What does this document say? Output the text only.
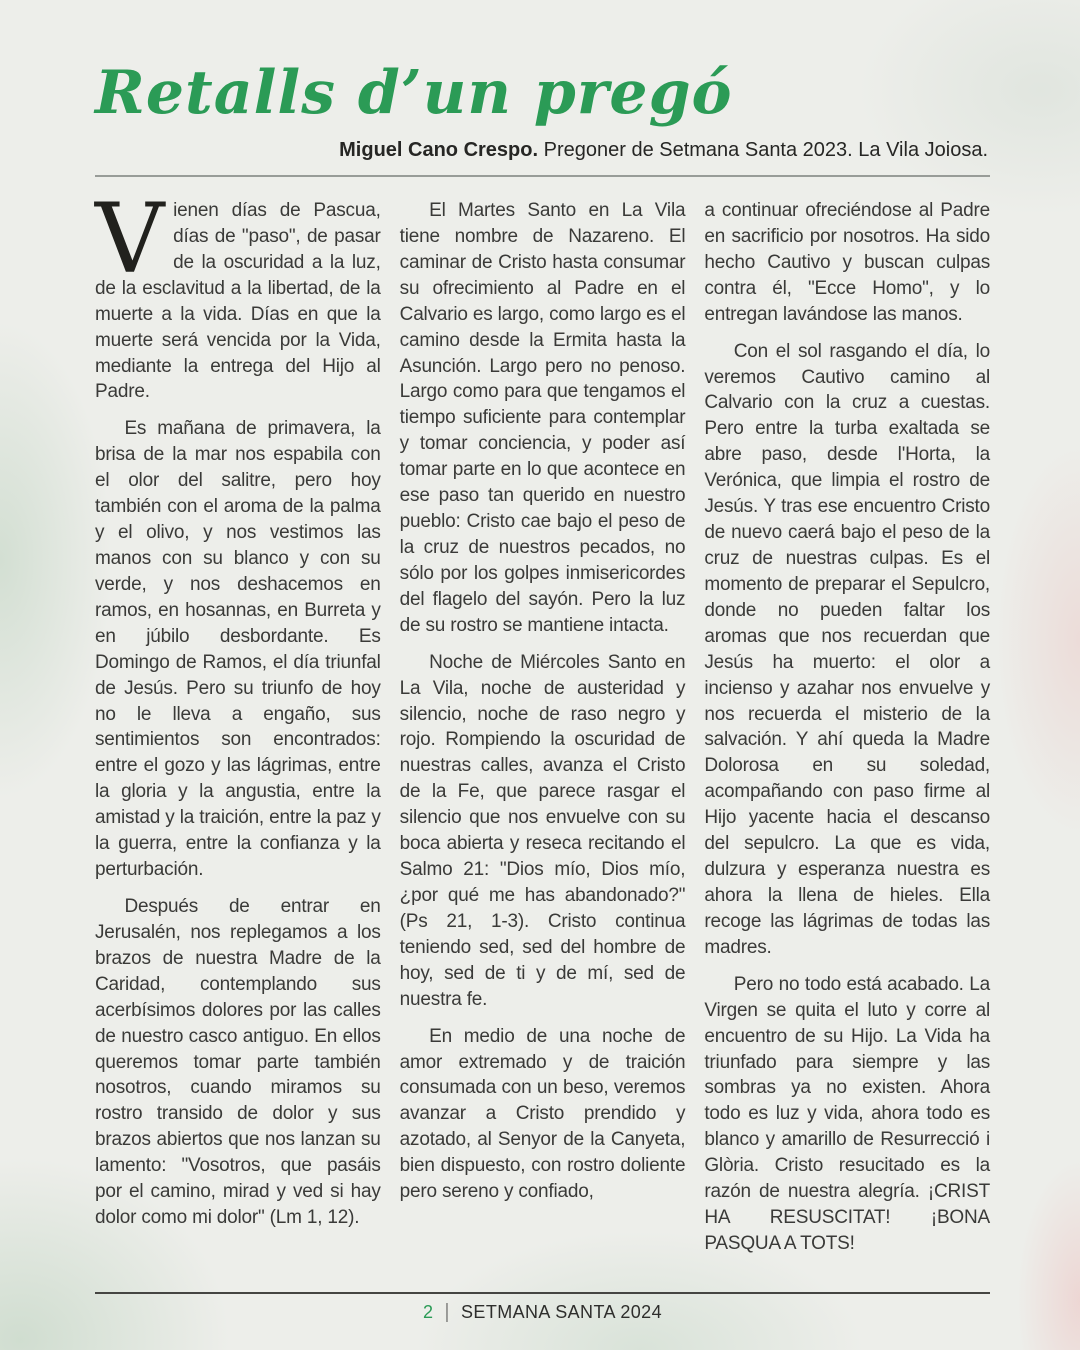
Retalls d’un pregó

Miguel Cano Crespo. Pregoner de Setmana Santa 2023. La Vila Joiosa.

Vienen días de Pascua, días de "paso", de pasar de la oscuridad a la luz, de la esclavitud a la libertad, de la muerte a la vida. Días en que la muerte será vencida por la Vida, mediante la entrega del Hijo al Padre.

Es mañana de primavera, la brisa de la mar nos espabila con el olor del salitre, pero hoy también con el aroma de la palma y el olivo, y nos vestimos las manos con su blanco y con su verde, y nos deshacemos en ramos, en hosannas, en Burreta y en júbilo desbordante. Es Domingo de Ramos, el día triunfal de Jesús. Pero su triunfo de hoy no le lleva a engaño, sus sentimientos son encontrados: entre el gozo y las lágrimas, entre la gloria y la angustia, entre la amistad y la traición, entre la paz y la guerra, entre la confianza y la perturbación.

Después de entrar en Jerusalén, nos replegamos a los brazos de nuestra Madre de la Caridad, contemplando sus acerbísimos dolores por las calles de nuestro casco antiguo. En ellos queremos tomar parte también nosotros, cuando miramos su rostro transido de dolor y sus brazos abiertos que nos lanzan su lamento: "Vosotros, que pasáis por el camino, mirad y ved si hay dolor como mi dolor" (Lm 1, 12).

El Martes Santo en La Vila tiene nombre de Nazareno. El caminar de Cristo hasta consumar su ofrecimiento al Padre en el Calvario es largo, como largo es el camino desde la Ermita hasta la Asunción. Largo pero no penoso. Largo como para que tengamos el tiempo suficiente para contemplar y tomar conciencia, y poder así tomar parte en lo que acontece en ese paso tan querido en nuestro pueblo: Cristo cae bajo el peso de la cruz de nuestros pecados, no sólo por los golpes inmisericordes del flagelo del sayón. Pero la luz de su rostro se mantiene intacta.

Noche de Miércoles Santo en La Vila, noche de austeridad y silencio, noche de raso negro y rojo. Rompiendo la oscuridad de nuestras calles, avanza el Cristo de la Fe, que parece rasgar el silencio que nos envuelve con su boca abierta y reseca recitando el Salmo 21: "Dios mío, Dios mío, ¿por qué me has abandonado?" (Ps 21, 1-3). Cristo continua teniendo sed, sed del hombre de hoy, sed de ti y de mí, sed de nuestra fe.

En medio de una noche de amor extremado y de traición consumada con un beso, veremos avanzar a Cristo prendido y azotado, al Senyor de la Canyeta, bien dispuesto, con rostro doliente pero sereno y confiado,

a continuar ofreciéndose al Padre en sacrificio por nosotros. Ha sido hecho Cautivo y buscan culpas contra él, "Ecce Homo", y lo entregan lavándose las manos.

Con el sol rasgando el día, lo veremos Cautivo camino al Calvario con la cruz a cuestas. Pero entre la turba exaltada se abre paso, desde l'Horta, la Verónica, que limpia el rostro de Jesús. Y tras ese encuentro Cristo de nuevo caerá bajo el peso de la cruz de nuestras culpas. Es el momento de preparar el Sepulcro, donde no pueden faltar los aromas que nos recuerdan que Jesús ha muerto: el olor a incienso y azahar nos envuelve y nos recuerda el misterio de la salvación. Y ahí queda la Madre Dolorosa en su soledad, acompañando con paso firme al Hijo yacente hacia el descanso del sepulcro. La que es vida, dulzura y esperanza nuestra es ahora la llena de hieles. Ella recoge las lágrimas de todas las madres.

Pero no todo está acabado. La Virgen se quita el luto y corre al encuentro de su Hijo. La Vida ha triunfado para siempre y las sombras ya no existen. Ahora todo es luz y vida, ahora todo es blanco y amarillo de Resurrecció i Glòria. Cristo resucitado es la razón de nuestra alegría. ¡CRIST HA RESUSCITAT! ¡BONA PASQUA A TOTS!

2 | SETMANA SANTA 2024
